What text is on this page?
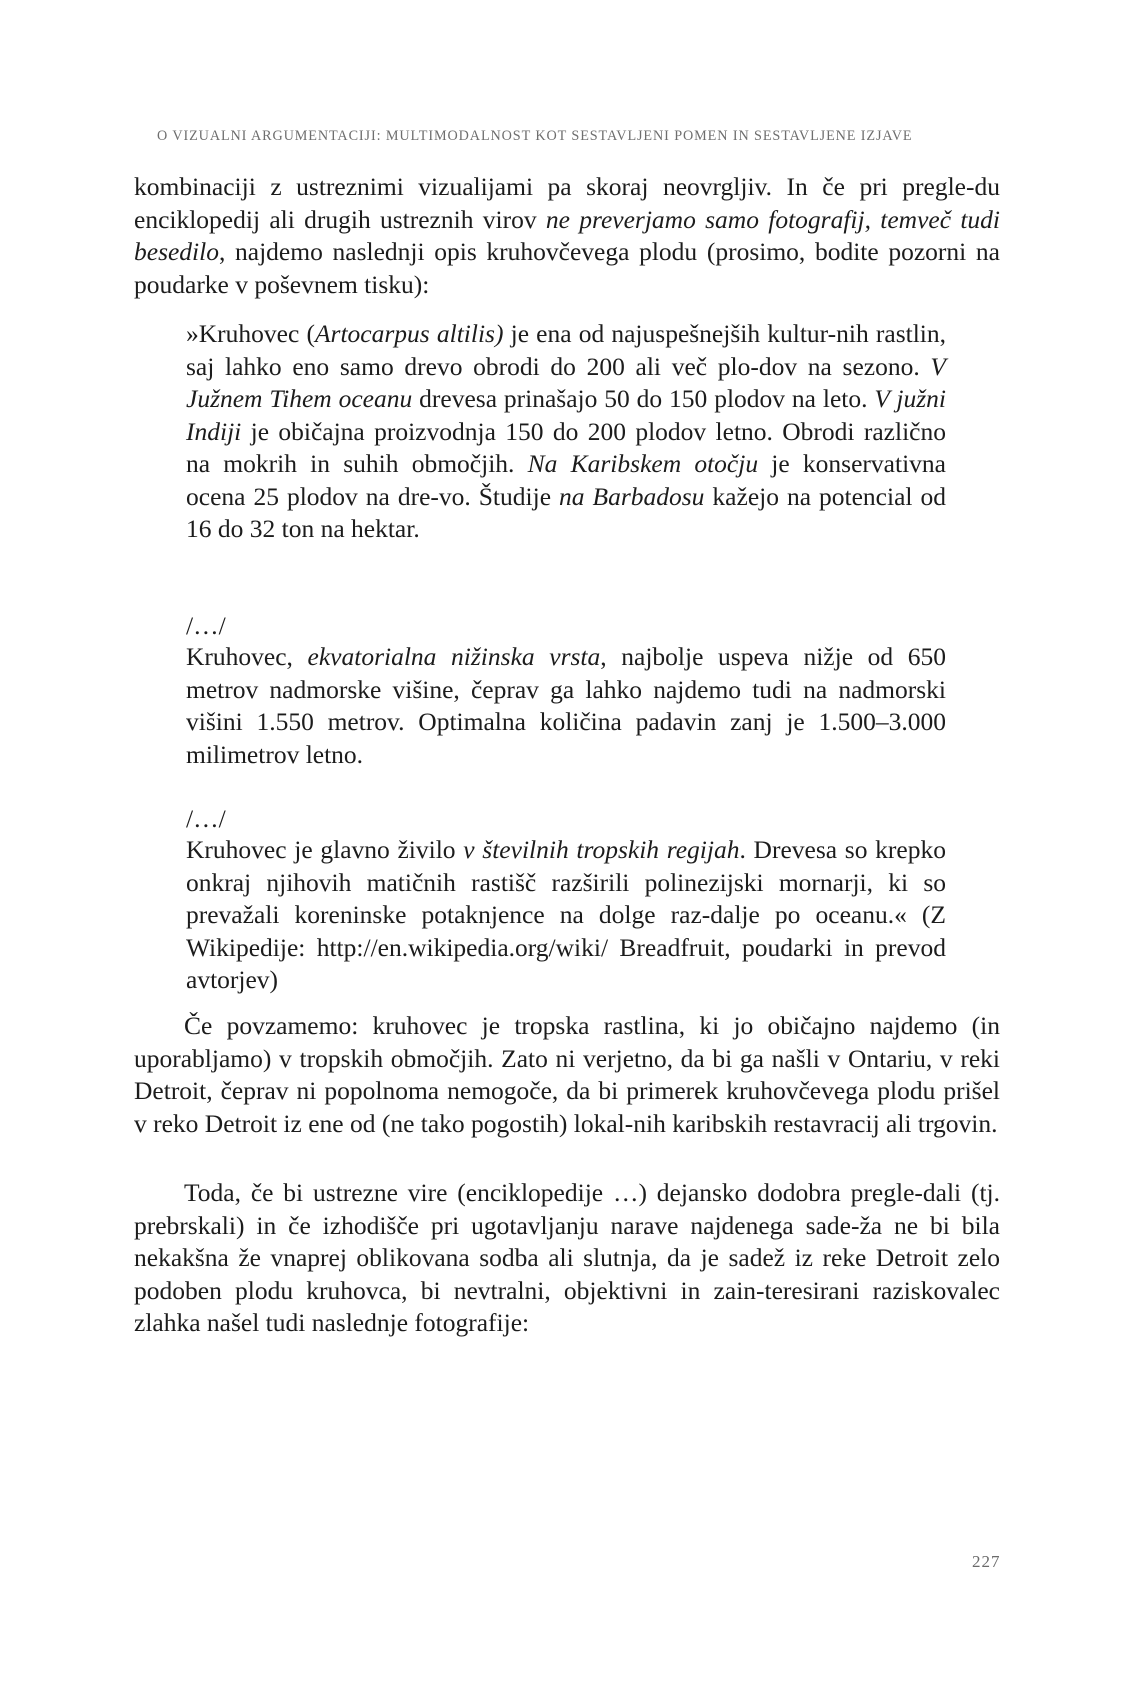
O VIZUALNI ARGUMENTACIJI: MULTIMODALNOST KOT SESTAVLJENI POMEN IN SESTAVLJENE IZJAVE

kombinaciji z ustreznimi vizualijami pa skoraj neovrgljiv. In če pri pregle-du enciklopedij ali drugih ustreznih virov ne preverjamo samo fotografij, temveč tudi besedilo, najdemo naslednji opis kruhovčevega plodu (prosimo, bodite pozorni na poudarke v poševnem tisku):

»Kruhovec (Artocarpus altilis) je ena od najuspešnejših kultur-nih rastlin, saj lahko eno samo drevo obrodi do 200 ali več plo-dov na sezono. V Južnem Tihem oceanu drevesa prinašajo 50 do 150 plodov na leto. V južni Indiji je običajna proizvodnja 150 do 200 plodov letno. Obrodi različno na mokrih in suhih območjih. Na Karibskem otočju je konservativna ocena 25 plodov na dre-vo. Študije na Barbadosu kažejo na potencial od 16 do 32 ton na hektar.

/…/

Kruhovec, ekvatorialna nižinska vrsta, najbolje uspeva nižje od 650 metrov nadmorske višine, čeprav ga lahko najdemo tudi na nadmorski višini 1.550 metrov. Optimalna količina padavin zanj je 1.500–3.000 milimetrov letno.

/…/

Kruhovec je glavno živilo v številnih tropskih regijah. Drevesa so krepko onkraj njihovih matičnih rastišč razširili polinezijski mornarji, ki so prevažali koreninske potaknjence na dolge raz-dalje po oceanu.« (Z Wikipedije: http://en.wikipedia.org/wiki/ Breadfruit, poudarki in prevod avtorjev)

Če povzamemo: kruhovec je tropska rastlina, ki jo običajno najdemo (in uporabljamo) v tropskih območjih. Zato ni verjetno, da bi ga našli v Ontariu, v reki Detroit, čeprav ni popolnoma nemogoče, da bi primerek kruhovčevega plodu prišel v reko Detroit iz ene od (ne tako pogostih) lokal-nih karibskih restavracij ali trgovin.

Toda, če bi ustrezne vire (enciklopedije …) dejansko dodobra pregle-dali (tj. prebrskali) in če izhodišče pri ugotavljanju narave najdenega sade-ža ne bi bila nekakšna že vnaprej oblikovana sodba ali slutnja, da je sadež iz reke Detroit zelo podoben plodu kruhovca, bi nevtralni, objektivni in zain-teresirani raziskovalec zlahka našel tudi naslednje fotografije:

227
